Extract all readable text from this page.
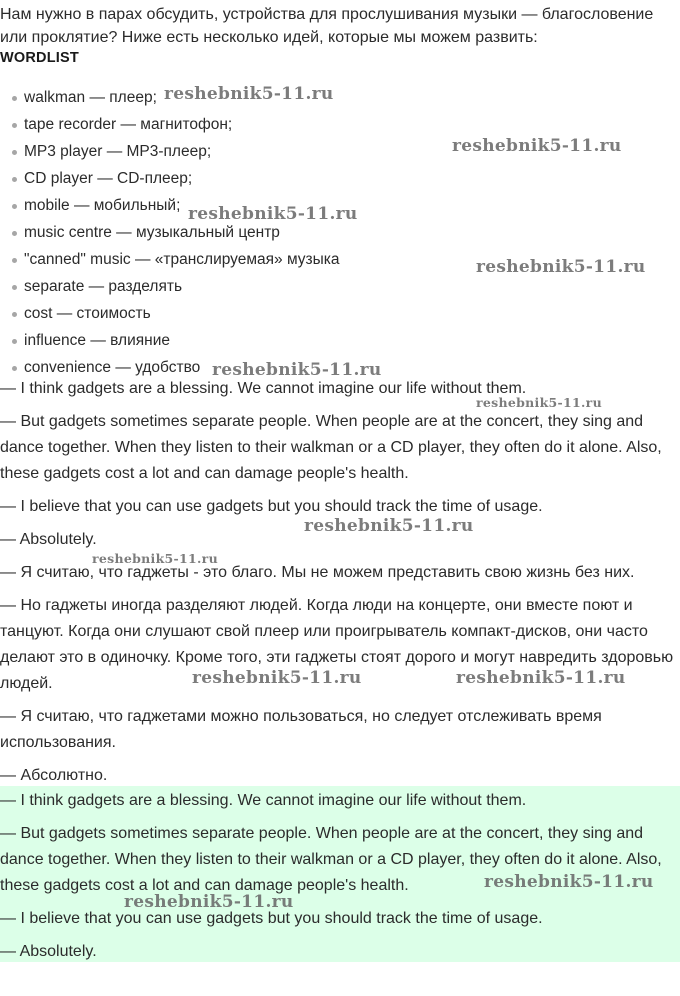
Нам нужно в парах обсудить, устройства для прослушивания музыки — благословение или проклятие? Ниже есть несколько идей, которые мы можем развить:
WORDLIST
walkman — плеер;
tape recorder — магнитофон;
MP3 player — MP3-плеер;
CD player — CD-плеер;
mobile — мобильный;
music centre — музыкальный центр
"canned" music — «транслируемая» музыка
separate — разделять
cost — стоимость
influence — влияние
convenience — удобство

— I think gadgets are a blessing. We cannot imagine our life without them.

— But gadgets sometimes separate people. When people are at the concert, they sing and dance together. When they listen to their walkman or a CD player, they often do it alone. Also, these gadgets cost a lot and can damage people's health.

— I believe that you can use gadgets but you should track the time of usage.

— Absolutely.

— Я считаю, что гаджеты - это благо. Мы не можем представить свою жизнь без них.

— Но гаджеты иногда разделяют людей. Когда люди на концерте, они вместе поют и танцуют. Когда они слушают свой плеер или проигрыватель компакт-дисков, они часто делают это в одиночку. Кроме того, эти гаджеты стоят дорого и могут навредить здоровью людей.

— Я считаю, что гаджетами можно пользоваться, но следует отслеживать время использования.

— Абсолютно.

— I think gadgets are a blessing. We cannot imagine our life without them.

— But gadgets sometimes separate people. When people are at the concert, they sing and dance together. When they listen to their walkman or a CD player, they often do it alone. Also, these gadgets cost a lot and can damage people's health.

— I believe that you can use gadgets but you should track the time of usage.

— Absolutely.

reshebnik5-11.ru
reshebnik5-11.ru
reshebnik5-11.ru
reshebnik5-11.ru
reshebnik5-11.ru
reshebnik5-11.ru
reshebnik5-11.ru
reshebnik5-11.ru
reshebnik5-11.ru	reshebnik5-11.ru
reshebnik5-11.ru
reshebnik5-11.ru
